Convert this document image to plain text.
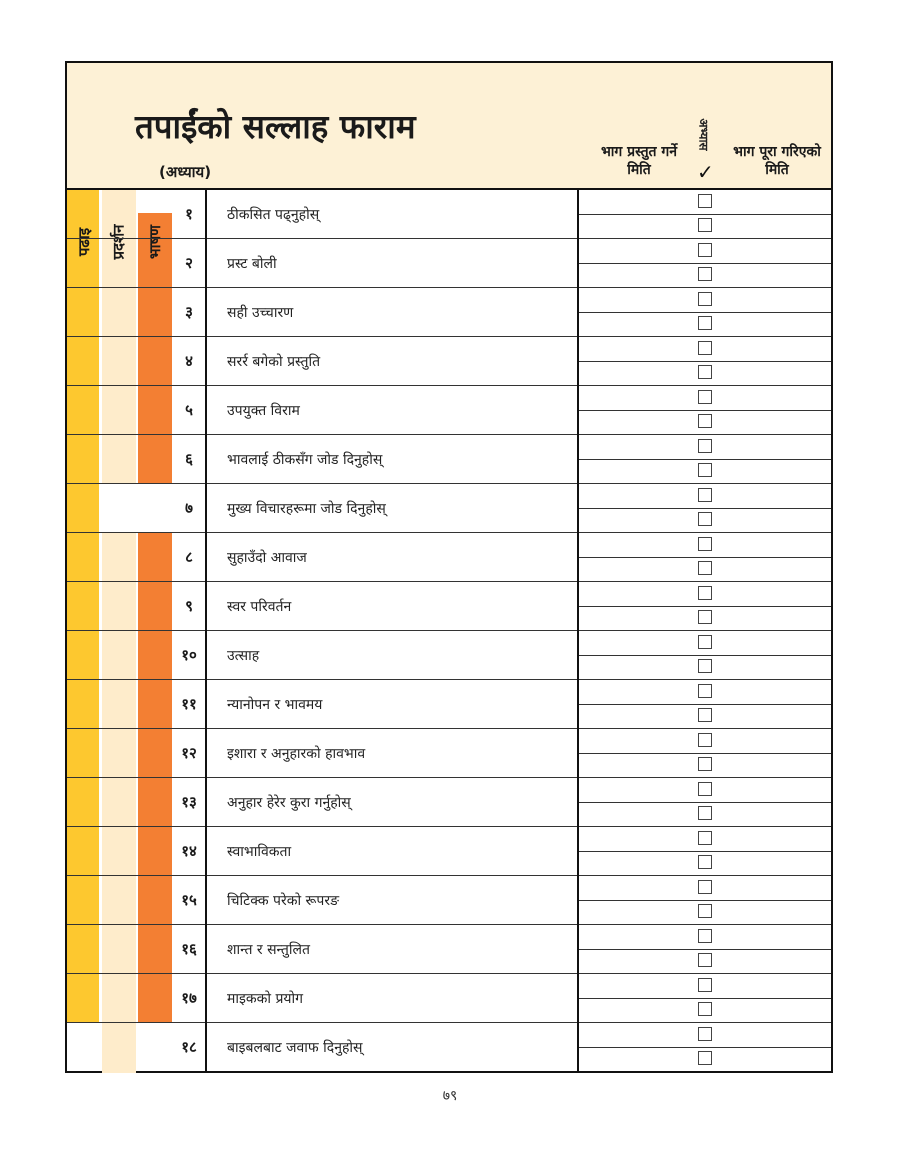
तपाईंको सल्लाह फाराम
(अध्याय)
भाग प्रस्तुत गर्ने मिति
अभ्यास
✓
भाग पूरा गरिएको मिति
पढाइ प्रदर्शन भाषण
१	ठीकसित पढ्नुहोस्
२	प्रस्ट बोली
३	सही उच्चारण
४	सरर्र बगेको प्रस्तुति
५	उपयुक्त विराम
६	भावलाई ठीकसँग जोड दिनुहोस्
७	मुख्य विचारहरूमा जोड दिनुहोस्
८	सुहाउँदो आवाज
९	स्वर परिवर्तन
१०	उत्साह
११	न्यानोपन र भावमय
१२	इशारा र अनुहारको हावभाव
१३	अनुहार हेरेर कुरा गर्नुहोस्
१४	स्वाभाविकता
१५	चिटिक्क परेको रूपरङ
१६	शान्त र सन्तुलित
१७	माइकको प्रयोग
१८	बाइबलबाट जवाफ दिनुहोस्
७९
